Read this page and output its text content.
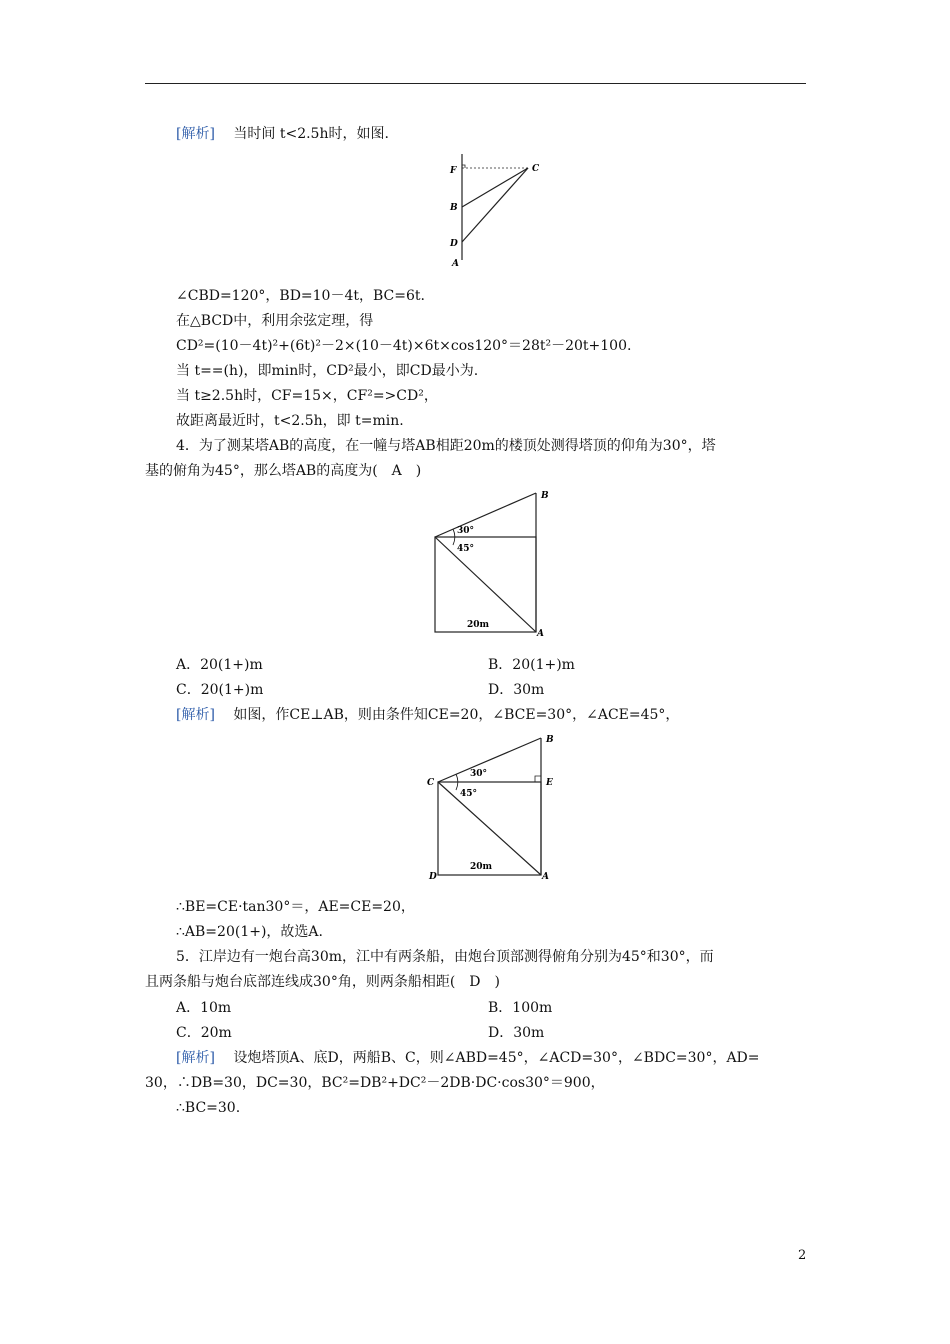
[解析] 当时间 t<2.5h时，如图.
F	C
B
D
A
∠CBD=120°，BD=10－4t，BC=6t.
在△BCD中，利用余弦定理，得
CD²=(10－4t)²+(6t)²－2×(10－4t)×6t×cos120°＝28t²－20t+100.
当 t==(h)，即min时，CD²最小，即CD最小为.
当 t≥2.5h时，CF=15×，CF²=>CD²，
故距离最近时，t<2.5h，即 t=min.
4．为了测某塔AB的高度，在一幢与塔AB相距20m的楼顶处测得塔顶的仰角为30°，塔
基的俯角为45°，那么塔AB的高度为(　A　)
B
A
30°
45°
20m
A．20(1+)m	B．20(1+)m
C．20(1+)m	D．30m
[解析] 如图，作CE⊥AB，则由条件知CE=20，∠BCE=30°，∠ACE=45°，
B
C	E
D	A
30°
45°
20m
∴BE=CE·tan30°＝，AE=CE=20，
∴AB=20(1+)，故选A.
5．江岸边有一炮台高30m，江中有两条船，由炮台顶部测得俯角分别为45°和30°，而
且两条船与炮台底部连线成30°角，则两条船相距(　D　)
A．10m	B．100m
C．20m	D．30m
[解析] 设炮塔顶A、底D，两船B、C，则∠ABD=45°，∠ACD=30°，∠BDC=30°，AD=
30，∴DB=30，DC=30，BC²=DB²+DC²－2DB·DC·cos30°＝900，
∴BC=30.
2
